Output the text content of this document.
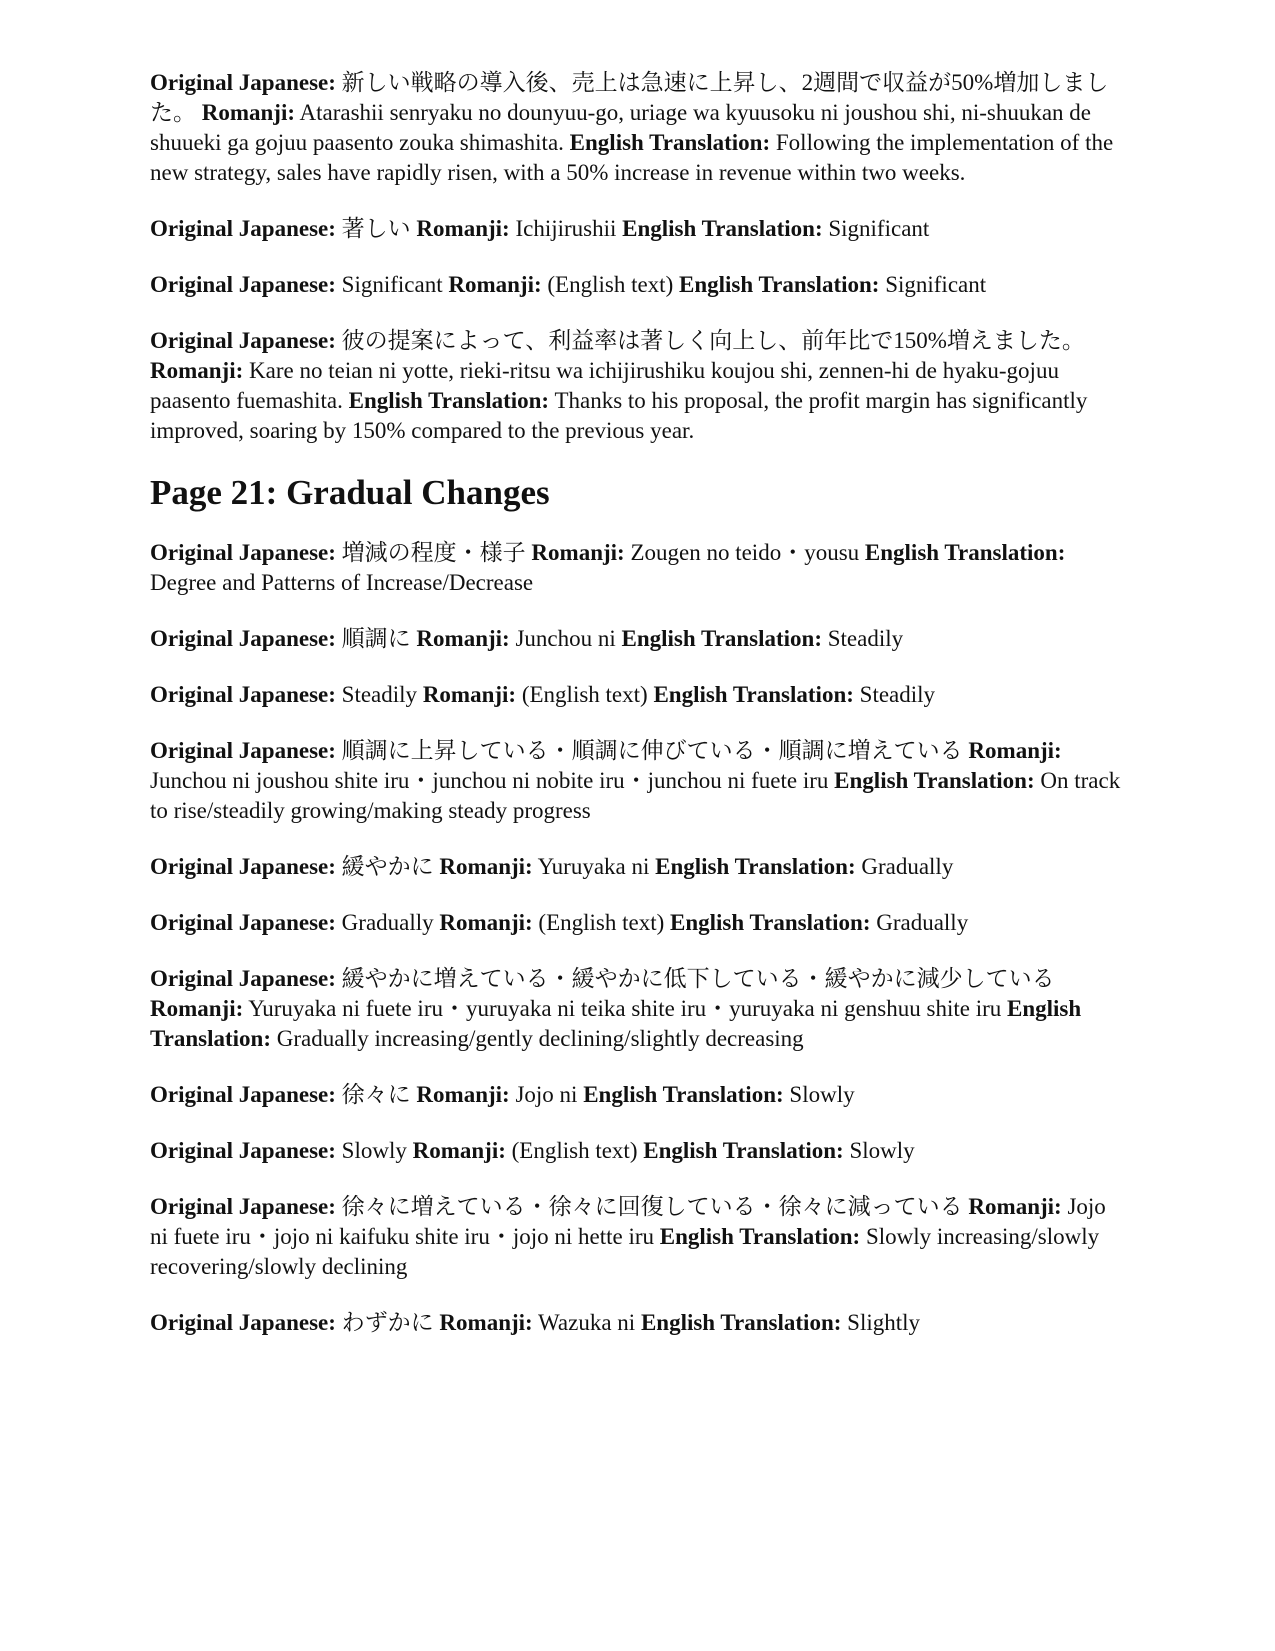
Original Japanese: 新しい戦略の導入後、売上は急速に上昇し、2週間で収益が50%増加しました。 Romanji: Atarashii senryaku no dounyuu-go, uriage wa kyuusoku ni joushou shi, ni-shuukan de shuueki ga gojuu paasento zouka shimashita. English Translation: Following the implementation of the new strategy, sales have rapidly risen, with a 50% increase in revenue within two weeks.

Original Japanese: 著しい Romanji: Ichijirushii English Translation: Significant

Original Japanese: Significant Romanji: (English text) English Translation: Significant

Original Japanese: 彼の提案によって、利益率は著しく向上し、前年比で150%増えました。 Romanji: Kare no teian ni yotte, rieki-ritsu wa ichijirushiku koujou shi, zennen-hi de hyaku-gojuu paasento fuemashita. English Translation: Thanks to his proposal, the profit margin has significantly improved, soaring by 150% compared to the previous year.

Page 21: Gradual Changes

Original Japanese: 増減の程度・様子 Romanji: Zougen no teido・yousu English Translation: Degree and Patterns of Increase/Decrease

Original Japanese: 順調に Romanji: Junchou ni English Translation: Steadily

Original Japanese: Steadily Romanji: (English text) English Translation: Steadily

Original Japanese: 順調に上昇している・順調に伸びている・順調に増えている Romanji: Junchou ni joushou shite iru・junchou ni nobite iru・junchou ni fuete iru English Translation: On track to rise/steadily growing/making steady progress

Original Japanese: 緩やかに Romanji: Yuruyaka ni English Translation: Gradually

Original Japanese: Gradually Romanji: (English text) English Translation: Gradually

Original Japanese: 緩やかに増えている・緩やかに低下している・緩やかに減少している Romanji: Yuruyaka ni fuete iru・yuruyaka ni teika shite iru・yuruyaka ni genshuu shite iru English Translation: Gradually increasing/gently declining/slightly decreasing

Original Japanese: 徐々に Romanji: Jojo ni English Translation: Slowly

Original Japanese: Slowly Romanji: (English text) English Translation: Slowly

Original Japanese: 徐々に増えている・徐々に回復している・徐々に減っている Romanji: Jojo ni fuete iru・jojo ni kaifuku shite iru・jojo ni hette iru English Translation: Slowly increasing/slowly recovering/slowly declining

Original Japanese: わずかに Romanji: Wazuka ni English Translation: Slightly
